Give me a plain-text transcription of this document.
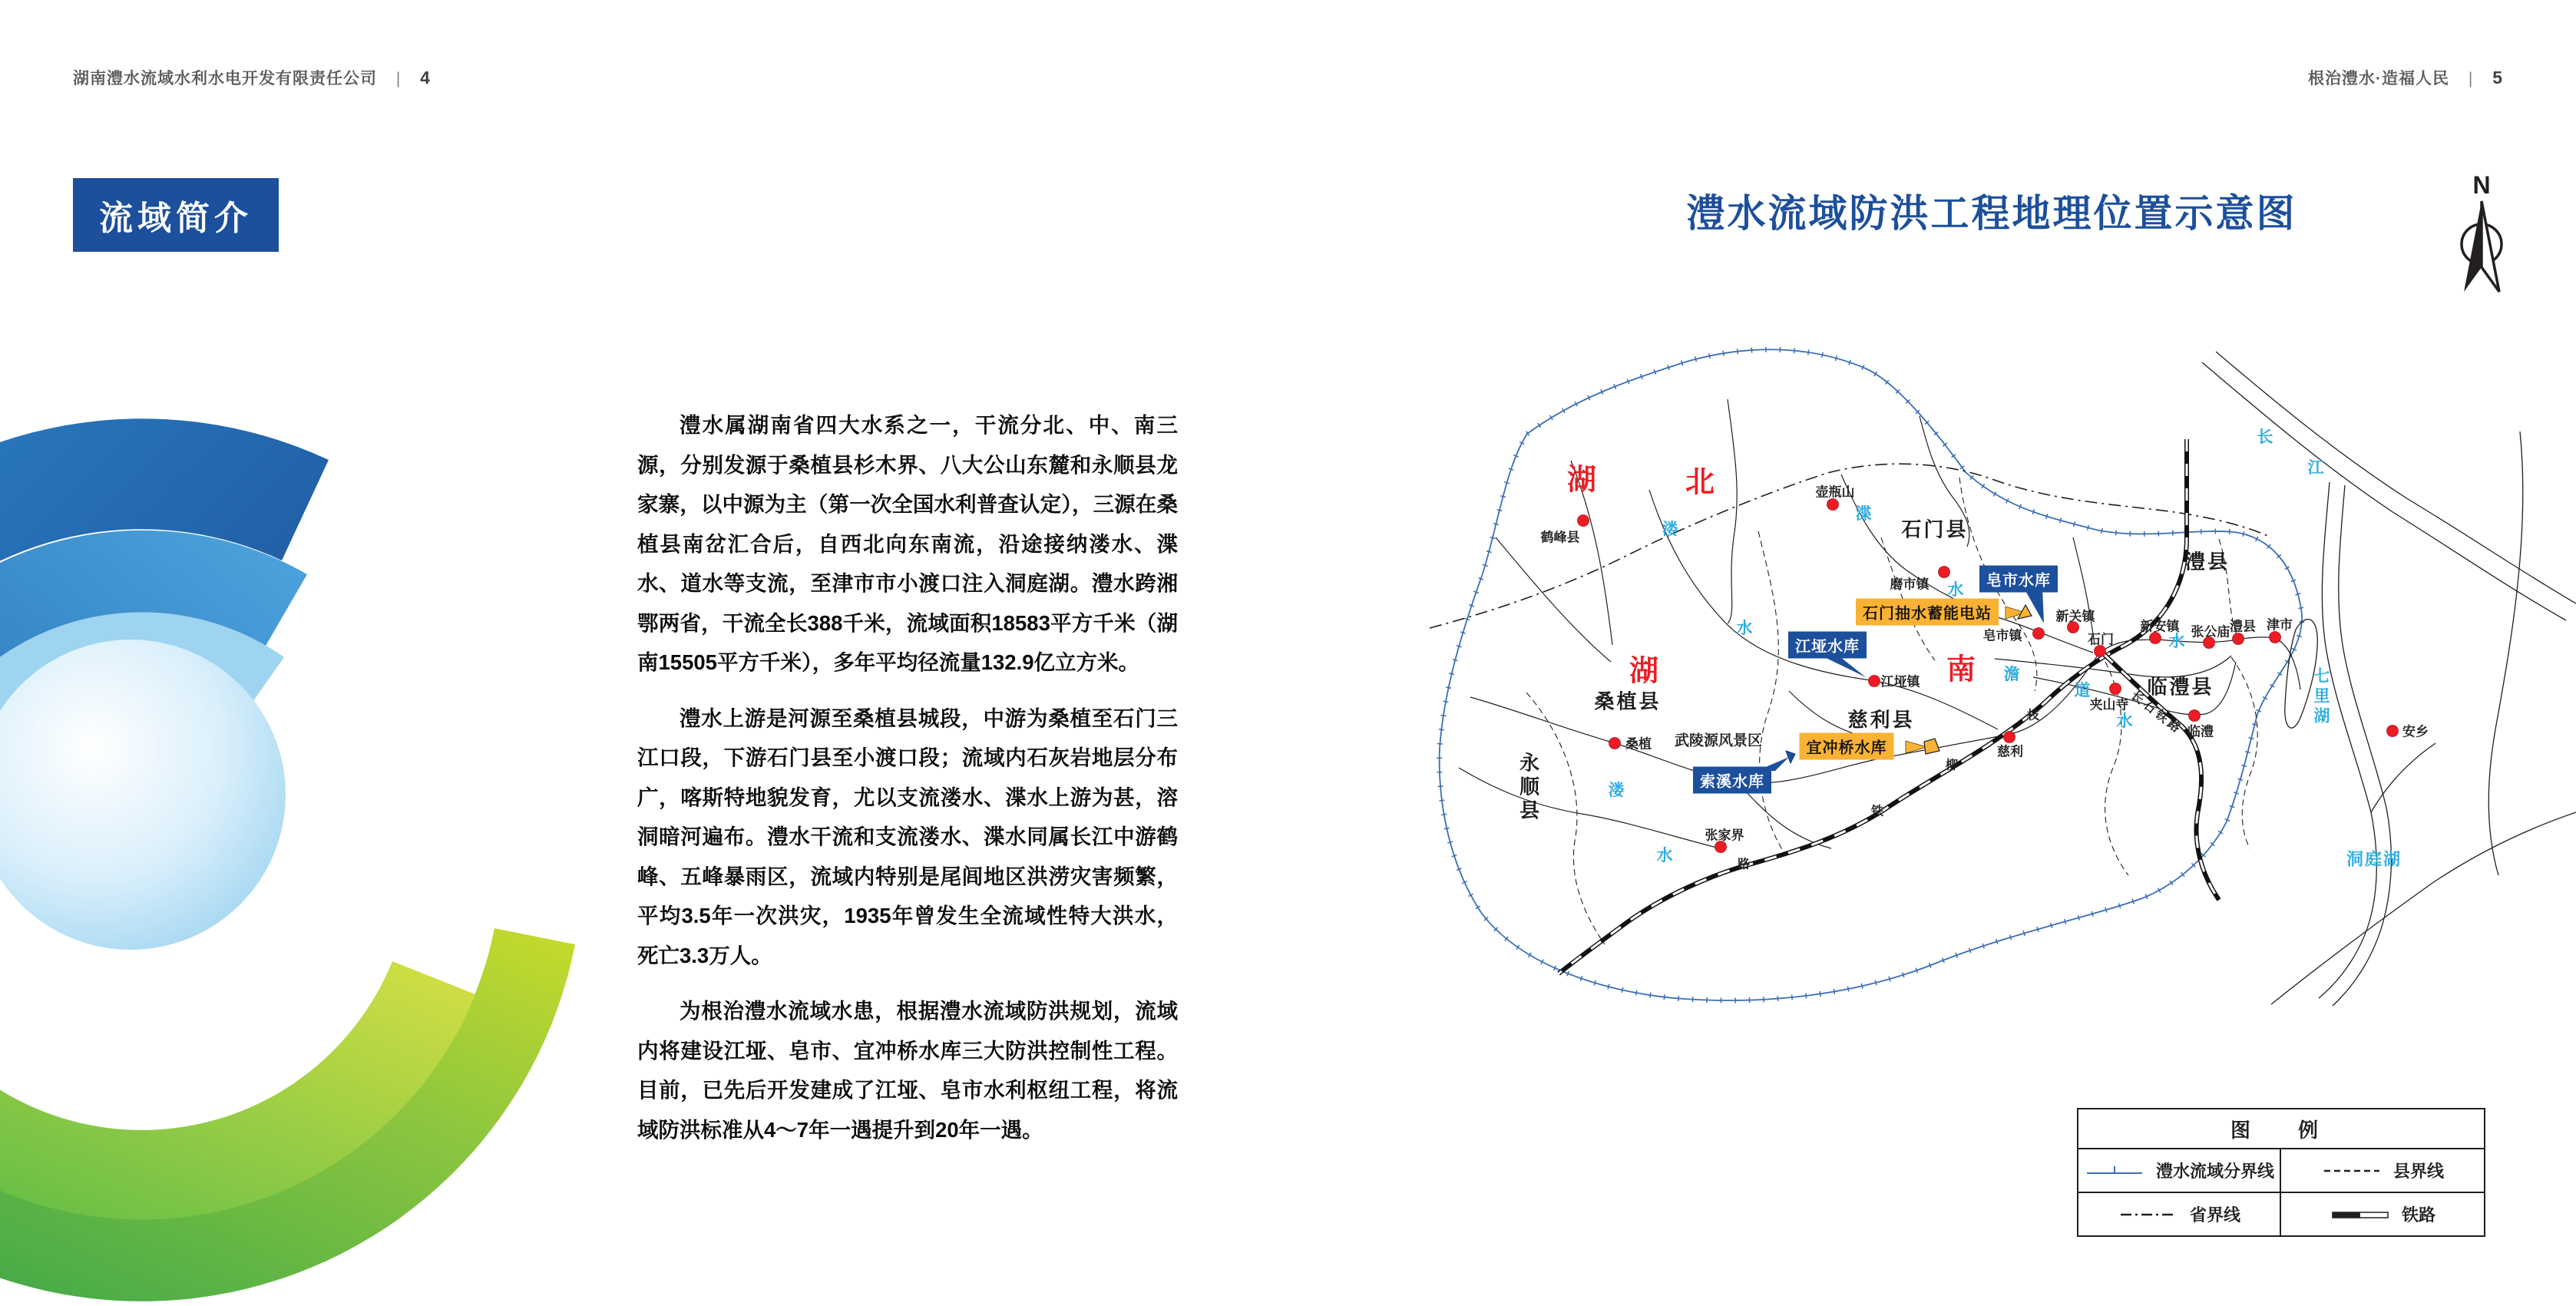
湖南澧水流域水利水电开发有限责任公司 | 4	根治澧水·造福人民 | 5
流域简介

澧水属湖南省四大水系之一，干流分北、中、南三源，分别发源于桑植县杉木界、八大公山东麓和永顺县龙家寨，以中源为主（第一次全国水利普查认定），三源在桑植县南岔汇合后，自西北向东南流，沿途接纳溇水、渫水、道水等支流，至津市市小渡口注入洞庭湖。澧水跨湘鄂两省，干流全长388千米，流域面积18583平方千米（湖南15505平方千米），多年平均径流量132.9亿立方米。

澧水上游是河源至桑植县城段，中游为桑植至石门三江口段，下游石门县至小渡口段；流域内石灰岩地层分布广，喀斯特地貌发育，尤以支流溇水、渫水上游为甚，溶洞暗河遍布。澧水干流和支流溇水、渫水同属长江中游鹤峰、五峰暴雨区，流域内特别是尾闾地区洪涝灾害频繁，平均3.5年一次洪灾，1935年曾发生全流域性特大洪水，死亡3.3万人。

为根治澧水流域水患，根据澧水流域防洪规划，流域内将建设江垭、皂市、宜冲桥水库三大防洪控制性工程。目前，已先后开发建成了江垭、皂市水利枢纽工程，将流域防洪标准从4～7年一遇提升到20年一遇。

澧水流域防洪工程地理位置示意图
N
湖	北
湖	南
石门县
澧县
临澧县
慈利县
桑植县
永顺县
鹤峰县
壶瓶山
磨市镇
皂市镇
新关镇
石门
新安镇 张公庙 澧县 津市
临澧
夹山寺
慈利
江垭镇
桑植
张家界
安乡
江垭水库
皂市水库
索溪水库
石门抽水蓄能电站
宜冲桥水库
武陵源风景区
溇
渫
水
水
溇
水
澹
道
水
水
长
江
七里湖
洞庭湖
枝
柳
铁
路
长石铁路
图　例
澧水流域分界线	县界线
省界线	铁路
